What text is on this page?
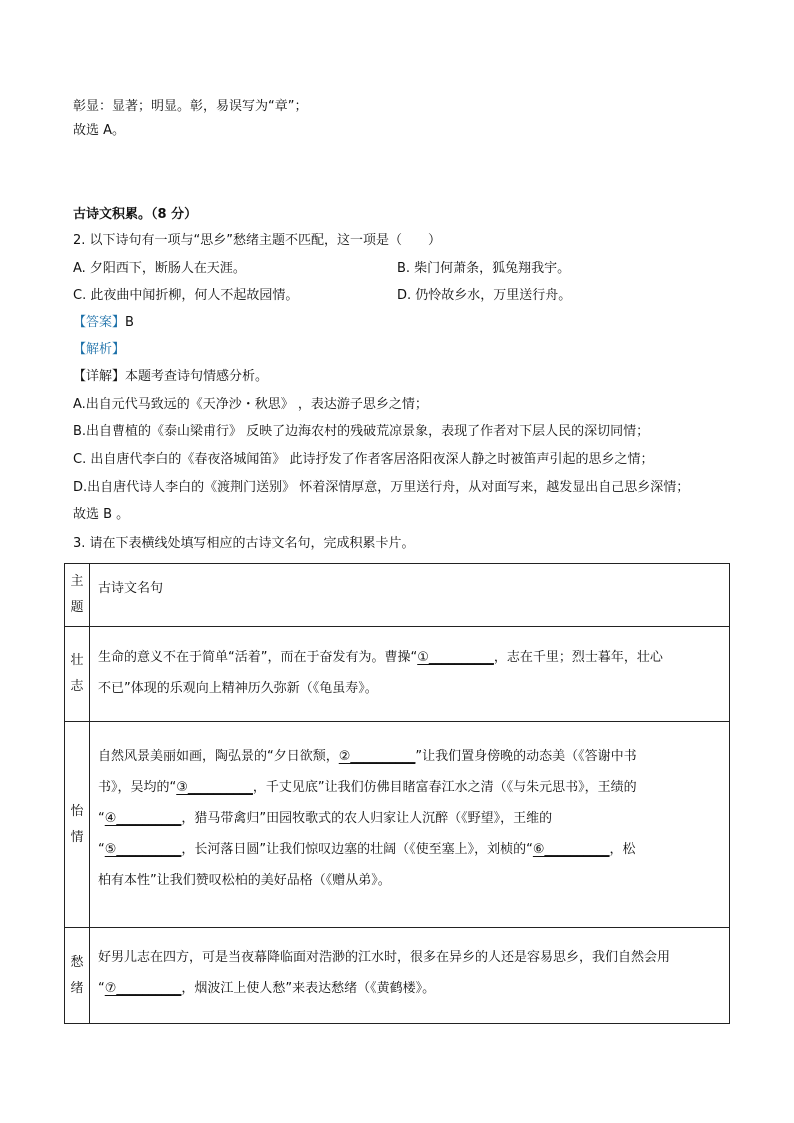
彰显：显著；明显。彰，易误写为“章”；
故选 A。
古诗文积累。（8 分）
2. 以下诗句有一项与“思乡”愁绪主题不匹配，这一项是（　　）
A. 夕阳西下，断肠人在天涯。	B. 柴门何萧条，狐兔翔我宇。
C. 此夜曲中闻折柳，何人不起故园情。	D. 仍怜故乡水，万里送行舟。
【答案】B
【解析】
【详解】本题考查诗句情感分析。
A.出自元代马致远的《天净沙・秋思》 ，表达游子思乡之情；
B.出自曹植的《泰山梁甫行》 反映了边海农村的残破荒凉景象，表现了作者对下层人民的深切同情；
C. 出自唐代李白的《春夜洛城闻笛》 此诗抒发了作者客居洛阳夜深人静之时被笛声引起的思乡之情；
D.出自唐代诗人李白的《渡荆门送别》 怀着深情厚意，万里送行舟，从对面写来，越发显出自己思乡深情；
故选 B 。
3. 请在下表横线处填写相应的古诗文名句，完成积累卡片。
主
题	古诗文名句
壮
志	生命的意义不在于简单“活着”，而在于奋发有为。曹操“①__________，志在千里；烈士暮年，壮心
不已”体现的乐观向上精神历久弥新（《龟虽寿》。
怡
情	自然风景美丽如画，陶弘景的“夕日欲颓，②__________”让我们置身傍晚的动态美（《答谢中书
书》，吴均的“③__________，千丈见底”让我们仿佛目睹富春江水之清（《与朱元思书》，王绩的
“④__________，猎马带禽归”田园牧歌式的农人归家让人沉醉（《野望》，王维的
“⑤__________，长河落日圆”让我们惊叹边塞的壮阔（《使至塞上》，刘桢的“⑥__________，松
柏有本性”让我们赞叹松柏的美好品格（《赠从弟》。
愁
绪	好男儿志在四方，可是当夜幕降临面对浩渺的江水时，很多在异乡的人还是容易思乡，我们自然会用
“⑦__________，烟波江上使人愁”来表达愁绪（《黄鹤楼》。
